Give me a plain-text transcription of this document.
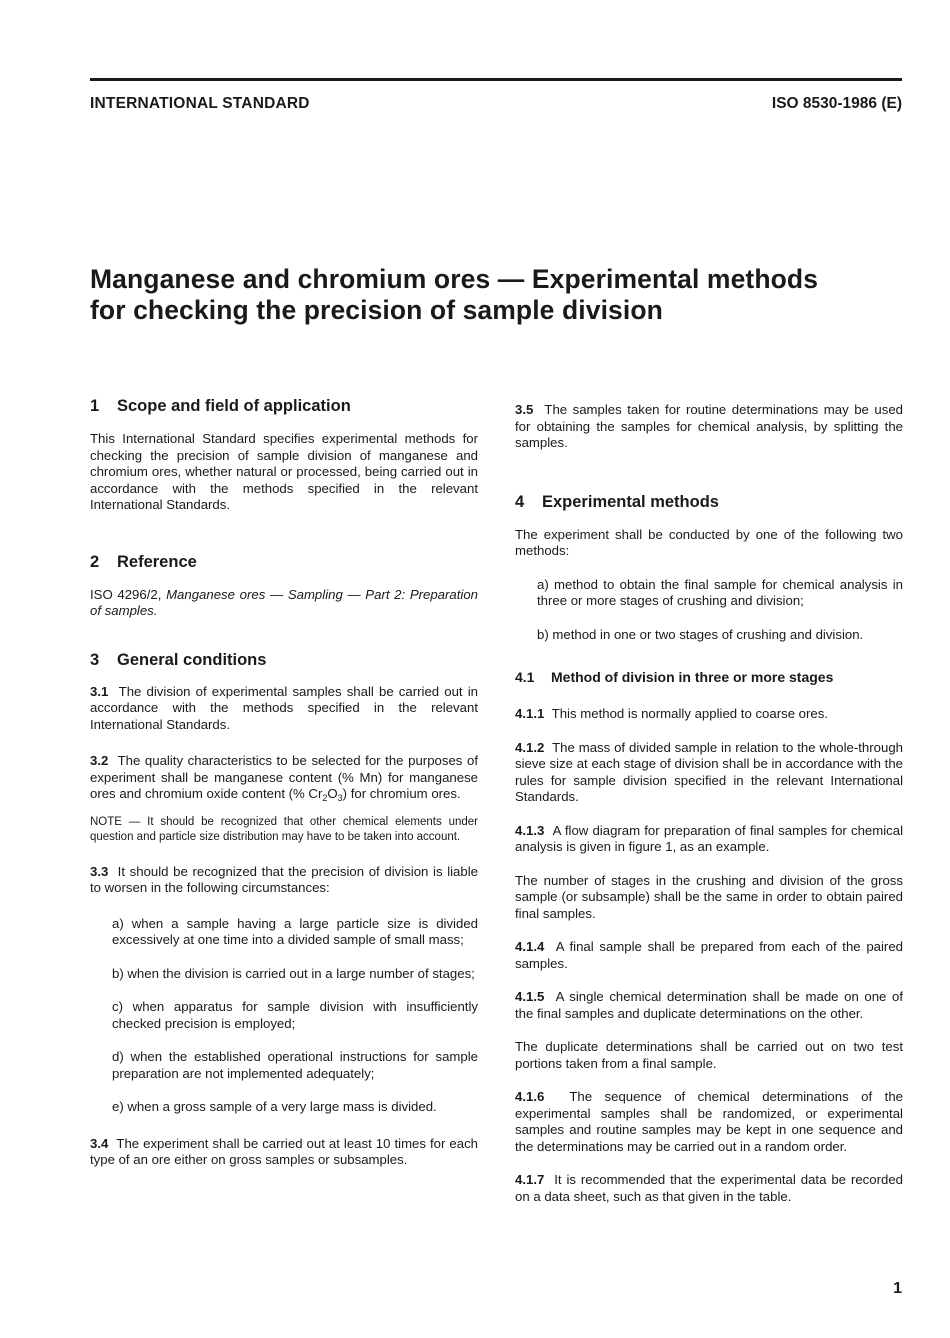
INTERNATIONAL STANDARD	ISO 8530-1986 (E)
Manganese and chromium ores — Experimental methods
for checking the precision of sample division
1 Scope and field of application

This International Standard specifies experimental methods for checking the precision of sample division of manganese and chromium ores, whether natural or processed, being carried out in accordance with the methods specified in the relevant International Standards.

2 Reference

ISO 4296/2, Manganese ores — Sampling — Part 2: Preparation of samples.

3 General conditions

3.1 The division of experimental samples shall be carried out in accordance with the methods specified in the relevant International Standards.

3.2 The quality characteristics to be selected for the purposes of experiment shall be manganese content (% Mn) for manganese ores and chromium oxide content (% $Cr_2O_3$) for chromium ores.

NOTE — It should be recognized that other chemical elements under question and particle size distribution may have to be taken into account.

3.3 It should be recognized that the precision of division is liable to worsen in the following circumstances:

a) when a sample having a large particle size is divided excessively at one time into a divided sample of small mass;

b) when the division is carried out in a large number of stages;

c) when apparatus for sample division with insufficiently checked precision is employed;

d) when the established operational instructions for sample preparation are not implemented adequately;

e) when a gross sample of a very large mass is divided.

3.4 The experiment shall be carried out at least 10 times for each type of an ore either on gross samples or subsamples.

3.5 The samples taken for routine determinations may be used for obtaining the samples for chemical analysis, by splitting the samples.

4 Experimental methods

The experiment shall be conducted by one of the following two methods:

a) method to obtain the final sample for chemical analysis in three or more stages of crushing and division;

b) method in one or two stages of crushing and division.

4.1 Method of division in three or more stages

4.1.1 This method is normally applied to coarse ores.

4.1.2 The mass of divided sample in relation to the whole-through sieve size at each stage of division shall be in accordance with the rules for sample division specified in the relevant International Standards.

4.1.3 A flow diagram for preparation of final samples for chemical analysis is given in figure 1, as an example.

The number of stages in the crushing and division of the gross sample (or subsample) shall be the same in order to obtain paired final samples.

4.1.4 A final sample shall be prepared from each of the paired samples.

4.1.5 A single chemical determination shall be made on one of the final samples and duplicate determinations on the other.

The duplicate determinations shall be carried out on two test portions taken from a final sample.

4.1.6 The sequence of chemical determinations of the experimental samples shall be randomized, or experimental samples and routine samples may be kept in one sequence and the determinations may be carried out in a random order.

4.1.7 It is recommended that the experimental data be recorded on a data sheet, such as that given in the table.

1
